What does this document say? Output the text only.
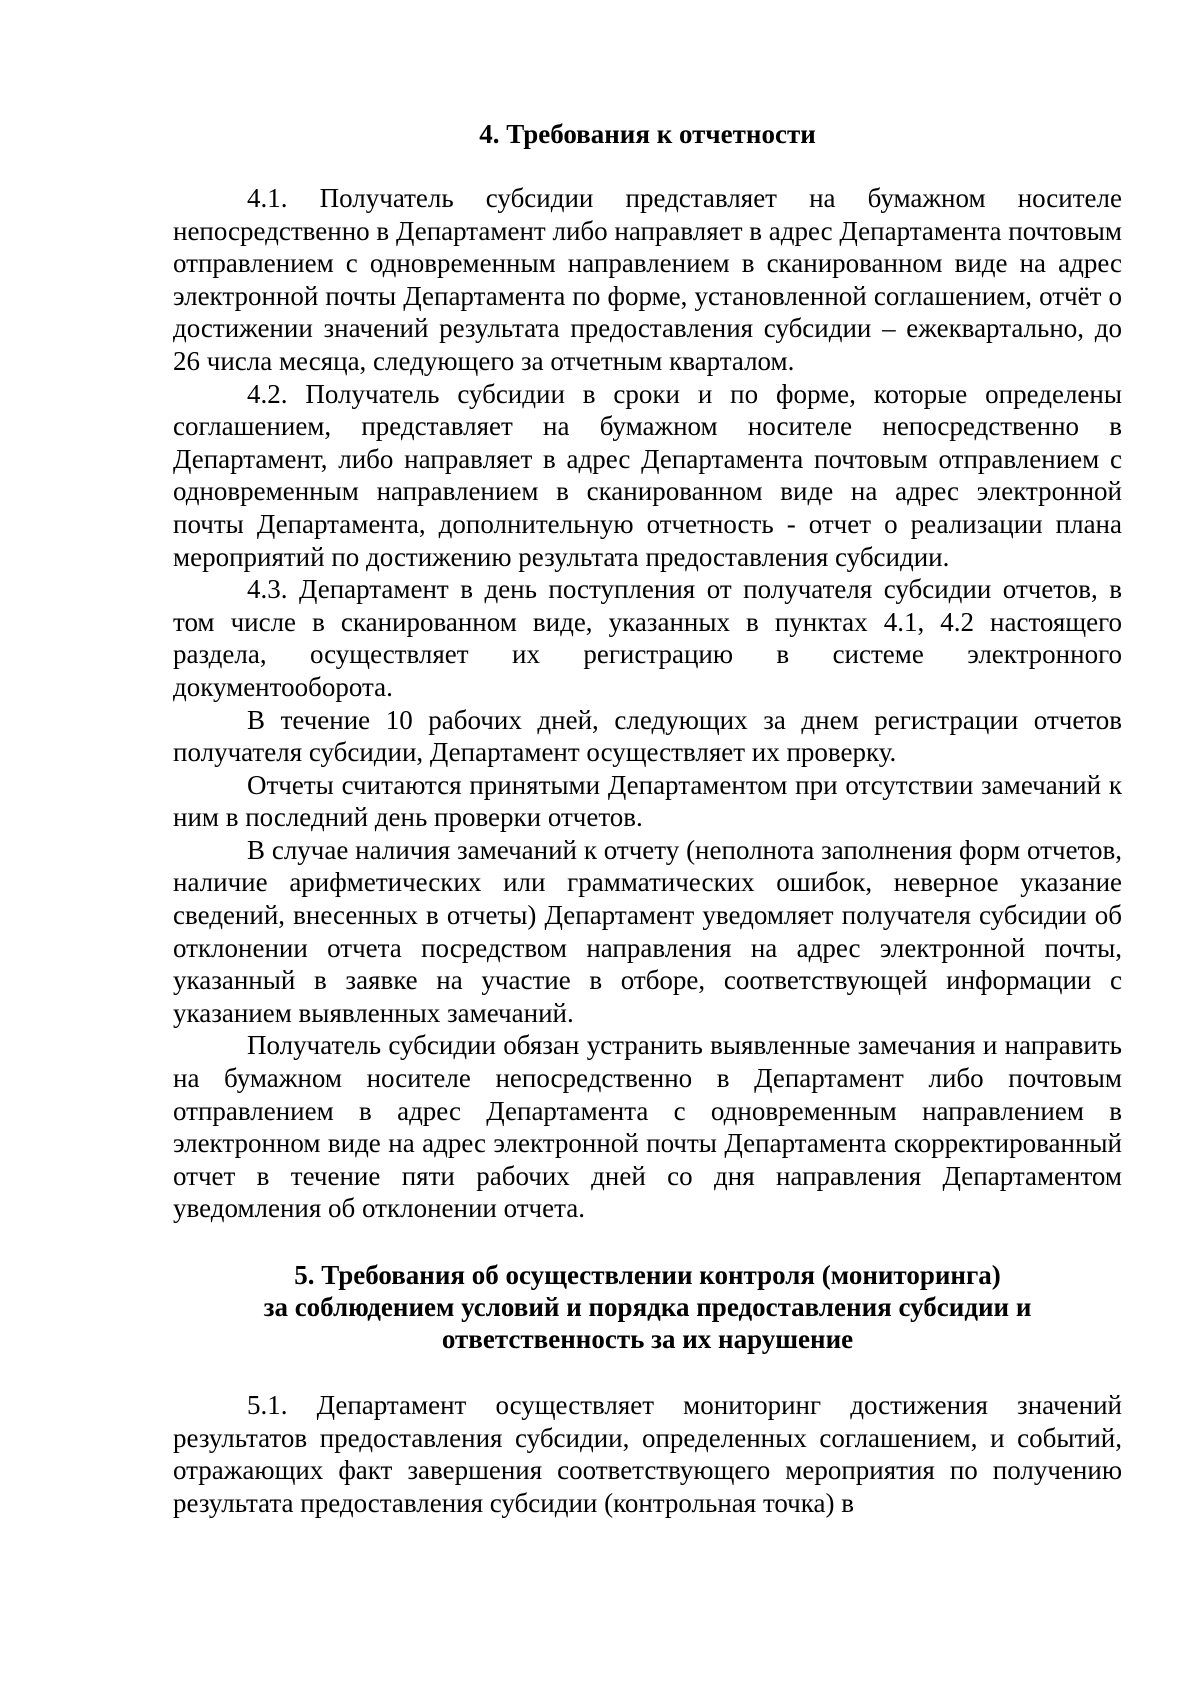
4. Требования к отчетности

4.1. Получатель субсидии представляет на бумажном носителе непосредственно в Департамент либо направляет в адрес Департамента почтовым отправлением с одновременным направлением в сканированном виде на адрес электронной почты Департамента по форме, установленной соглашением, отчёт о достижении значений результата предоставления субсидии – ежеквартально, до 26 числа месяца, следующего за отчетным кварталом.

4.2. Получатель субсидии в сроки и по форме, которые определены соглашением, представляет на бумажном носителе непосредственно в Департамент, либо направляет в адрес Департамента почтовым отправлением с одновременным направлением в сканированном виде на адрес электронной почты Департамента, дополнительную отчетность - отчет о реализации плана мероприятий по достижению результата предоставления субсидии.

4.3. Департамент в день поступления от получателя субсидии отчетов, в том числе в сканированном виде, указанных в пунктах 4.1, 4.2 настоящего раздела, осуществляет их регистрацию в системе электронного документооборота.

В течение 10 рабочих дней, следующих за днем регистрации отчетов получателя субсидии, Департамент осуществляет их проверку.

Отчеты считаются принятыми Департаментом при отсутствии замечаний к ним в последний день проверки отчетов.

В случае наличия замечаний к отчету (неполнота заполнения форм отчетов, наличие арифметических или грамматических ошибок, неверное указание сведений, внесенных в отчеты) Департамент уведомляет получателя субсидии об отклонении отчета посредством направления на адрес электронной почты, указанный в заявке на участие в отборе, соответствующей информации с указанием выявленных замечаний.

Получатель субсидии обязан устранить выявленные замечания и направить на бумажном носителе непосредственно в Департамент либо почтовым отправлением в адрес Департамента с одновременным направлением в электронном виде на адрес электронной почты Департамента скорректированный отчет в течение пяти рабочих дней со дня направления Департаментом уведомления об отклонении отчета.

5. Требования об осуществлении контроля (мониторинга)
за соблюдением условий и порядка предоставления субсидии и
ответственность за их нарушение

5.1. Департамент осуществляет мониторинг достижения значений результатов предоставления субсидии, определенных соглашением, и событий, отражающих факт завершения соответствующего мероприятия по получению результата предоставления субсидии (контрольная точка) в
